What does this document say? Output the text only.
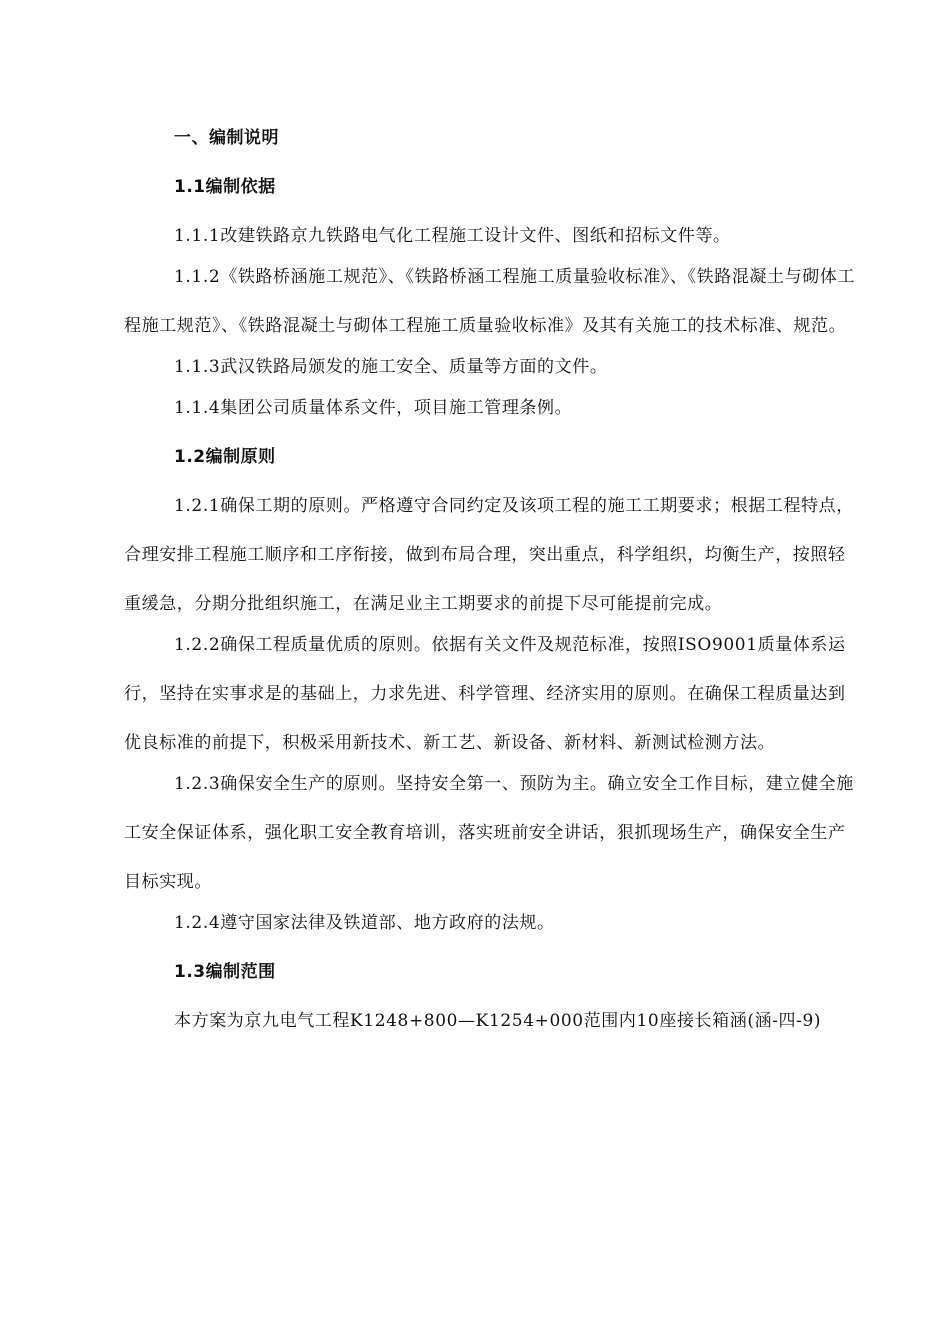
一、编制说明
1.1编制依据
1.1.1改建铁路京九铁路电气化工程施工设计文件、图纸和招标文件等。
1.1.2《铁路桥涵施工规范》、《铁路桥涵工程施工质量验收标准》、《铁路混凝土与砌体工程施工规范》、《铁路混凝土与砌体工程施工质量验收标准》及其有关施工的技术标准、规范。
1.1.3武汉铁路局颁发的施工安全、质量等方面的文件。
1.1.4集团公司质量体系文件，项目施工管理条例。
1.2编制原则
1.2.1确保工期的原则。严格遵守合同约定及该项工程的施工工期要求；根据工程特点，合理安排工程施工顺序和工序衔接，做到布局合理，突出重点，科学组织，均衡生产，按照轻重缓急，分期分批组织施工，在满足业主工期要求的前提下尽可能提前完成。
1.2.2确保工程质量优质的原则。依据有关文件及规范标准，按照ISO9001质量体系运行，坚持在实事求是的基础上，力求先进、科学管理、经济实用的原则。在确保工程质量达到优良标准的前提下，积极采用新技术、新工艺、新设备、新材料、新测试检测方法。
1.2.3确保安全生产的原则。坚持安全第一、预防为主。确立安全工作目标，建立健全施工安全保证体系，强化职工安全教育培训，落实班前安全讲话，狠抓现场生产，确保安全生产目标实现。
1.2.4遵守国家法律及铁道部、地方政府的法规。
1.3编制范围
本方案为京九电气工程K1248+800—K1254+000范围内10座接长箱涵(涵-四-9)
